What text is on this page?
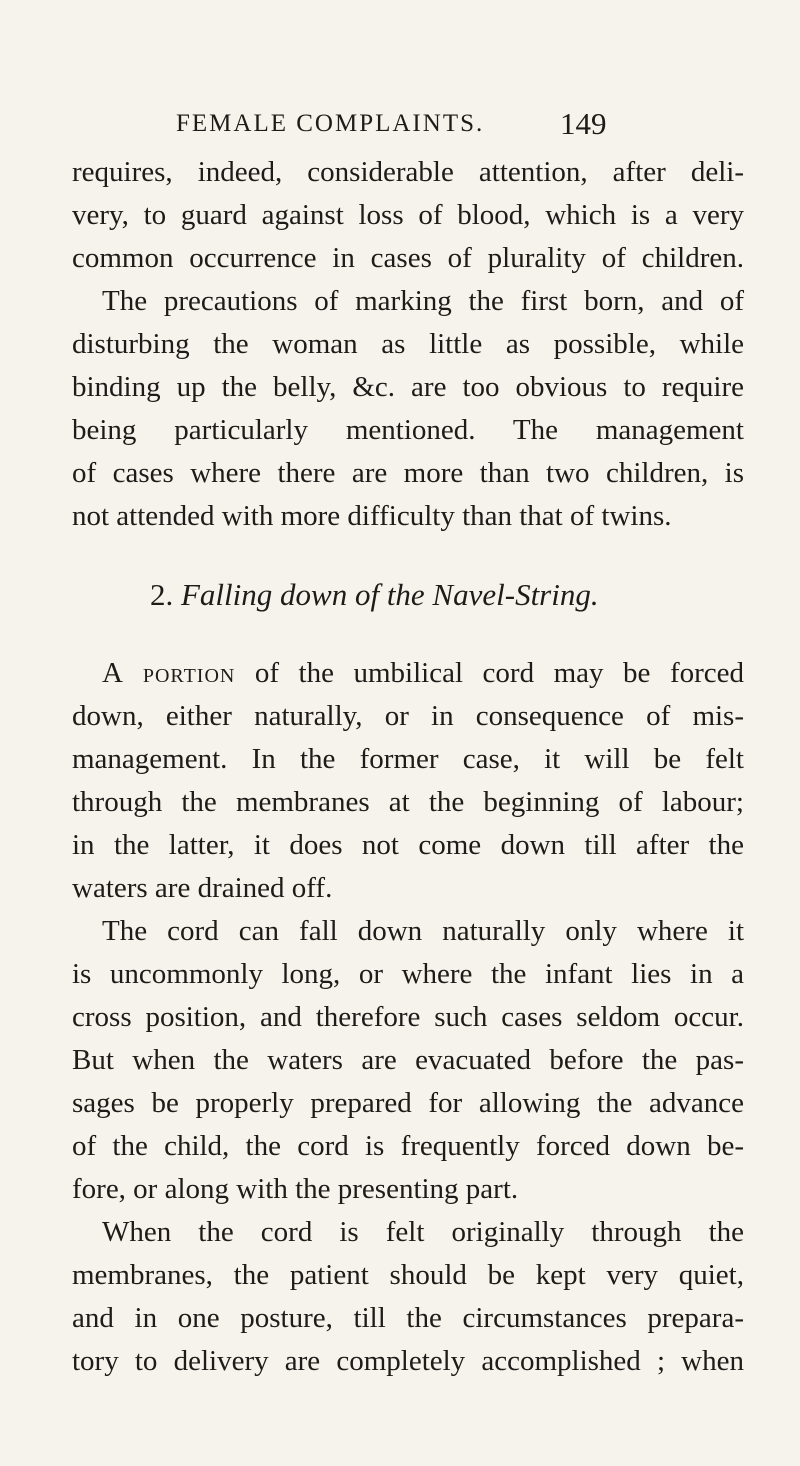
FEMALE COMPLAINTS. 149
requires, indeed, considerable attention, after deli-
very, to guard against loss of blood, which is a very
common occurrence in cases of plurality of children.
The precautions of marking the first born, and of
disturbing the woman as little as possible, while
binding up the belly, &c. are too obvious to require
being particularly mentioned. The management
of cases where there are more than two children, is
not attended with more difficulty than that of twins.
2. Falling down of the Navel-String.
A portion of the umbilical cord may be forced
down, either naturally, or in consequence of mis-
management. In the former case, it will be felt
through the membranes at the beginning of labour;
in the latter, it does not come down till after the
waters are drained off.
The cord can fall down naturally only where it
is uncommonly long, or where the infant lies in a
cross position, and therefore such cases seldom occur.
But when the waters are evacuated before the pas-
sages be properly prepared for allowing the advance
of the child, the cord is frequently forced down be-
fore, or along with the presenting part.
When the cord is felt originally through the
membranes, the patient should be kept very quiet,
and in one posture, till the circumstances prepara-
tory to delivery are completely accomplished ; when
